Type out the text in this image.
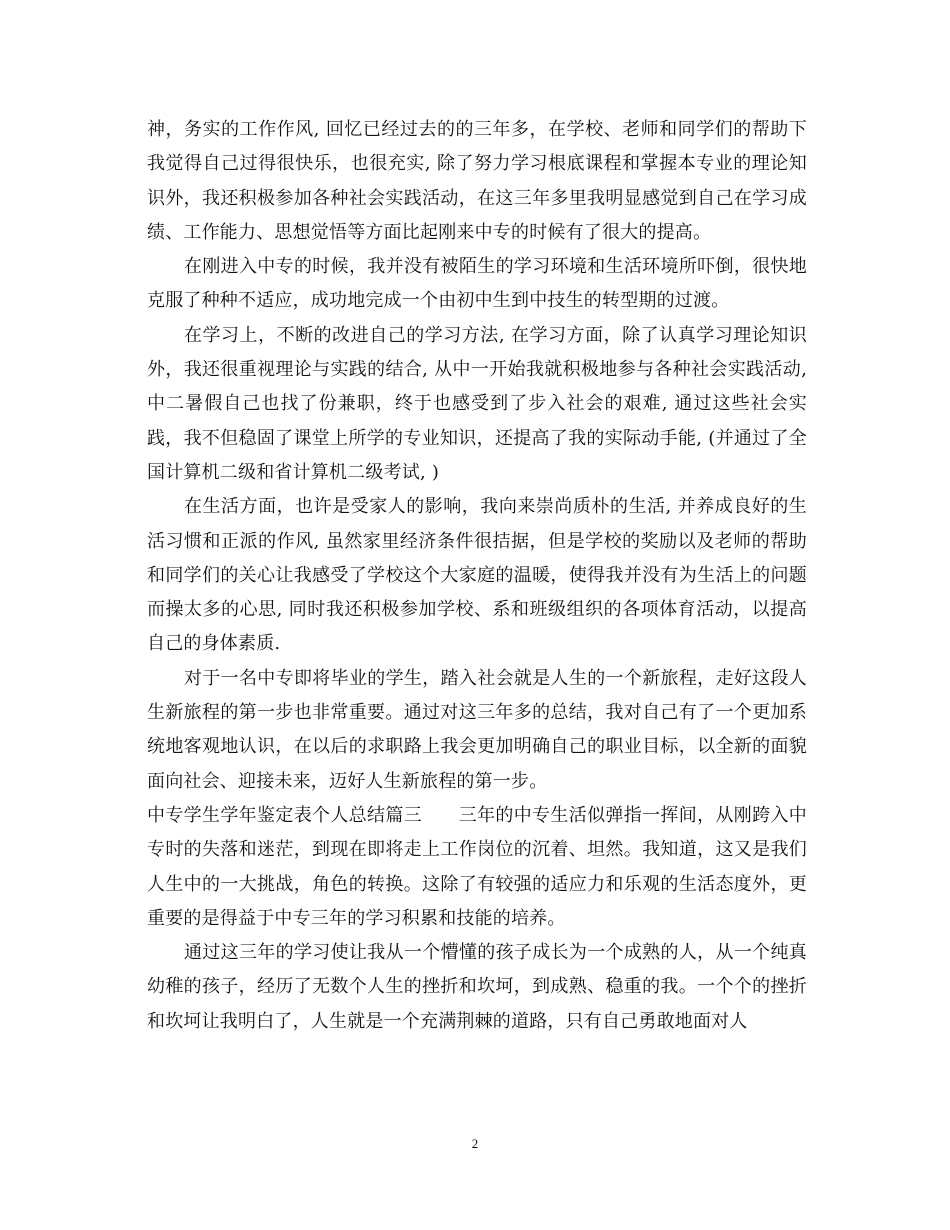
神，务实的工作作风, 回忆已经过去的的三年多，在学校、老师和同学们的帮助下我觉得自己过得很快乐，也很充实, 除了努力学习根底课程和掌握本专业的理论知识外，我还积极参加各种社会实践活动，在这三年多里我明显感觉到自己在学习成绩、工作能力、思想觉悟等方面比起刚来中专的时候有了很大的提高。

在刚进入中专的时候，我并没有被陌生的学习环境和生活环境所吓倒，很快地克服了种种不适应，成功地完成一个由初中生到中技生的转型期的过渡。

在学习上，不断的改进自己的学习方法, 在学习方面，除了认真学习理论知识外，我还很重视理论与实践的结合, 从中一开始我就积极地参与各种社会实践活动, 中二暑假自己也找了份兼职，终于也感受到了步入社会的艰难, 通过这些社会实践，我不但稳固了课堂上所学的专业知识，还提高了我的实际动手能, (并通过了全国计算机二级和省计算机二级考试, )

在生活方面，也许是受家人的影响，我向来崇尚质朴的生活, 并养成良好的生活习惯和正派的作风, 虽然家里经济条件很拮据，但是学校的奖励以及老师的帮助和同学们的关心让我感受了学校这个大家庭的温暖，使得我并没有为生活上的问题而操太多的心思, 同时我还积极参加学校、系和班级组织的各项体育活动，以提高自己的身体素质.

对于一名中专即将毕业的学生，踏入社会就是人生的一个新旅程，走好这段人生新旅程的第一步也非常重要。通过对这三年多的总结，我对自己有了一个更加系统地客观地认识，在以后的求职路上我会更加明确自己的职业目标，以全新的面貌面向社会、迎接未来，迈好人生新旅程的第一步。

中专学生学年鉴定表个人总结篇三　　三年的中专生活似弹指一挥间，从刚跨入中专时的失落和迷茫，到现在即将走上工作岗位的沉着、坦然。我知道，这又是我们人生中的一大挑战，角色的转换。这除了有较强的适应力和乐观的生活态度外，更重要的是得益于中专三年的学习积累和技能的培养。

通过这三年的学习使让我从一个懵懂的孩子成长为一个成熟的人，从一个纯真幼稚的孩子，经历了无数个人生的挫折和坎坷，到成熟、稳重的我。一个个的挫折和坎坷让我明白了，人生就是一个充满荆棘的道路，只有自己勇敢地面对人

2
